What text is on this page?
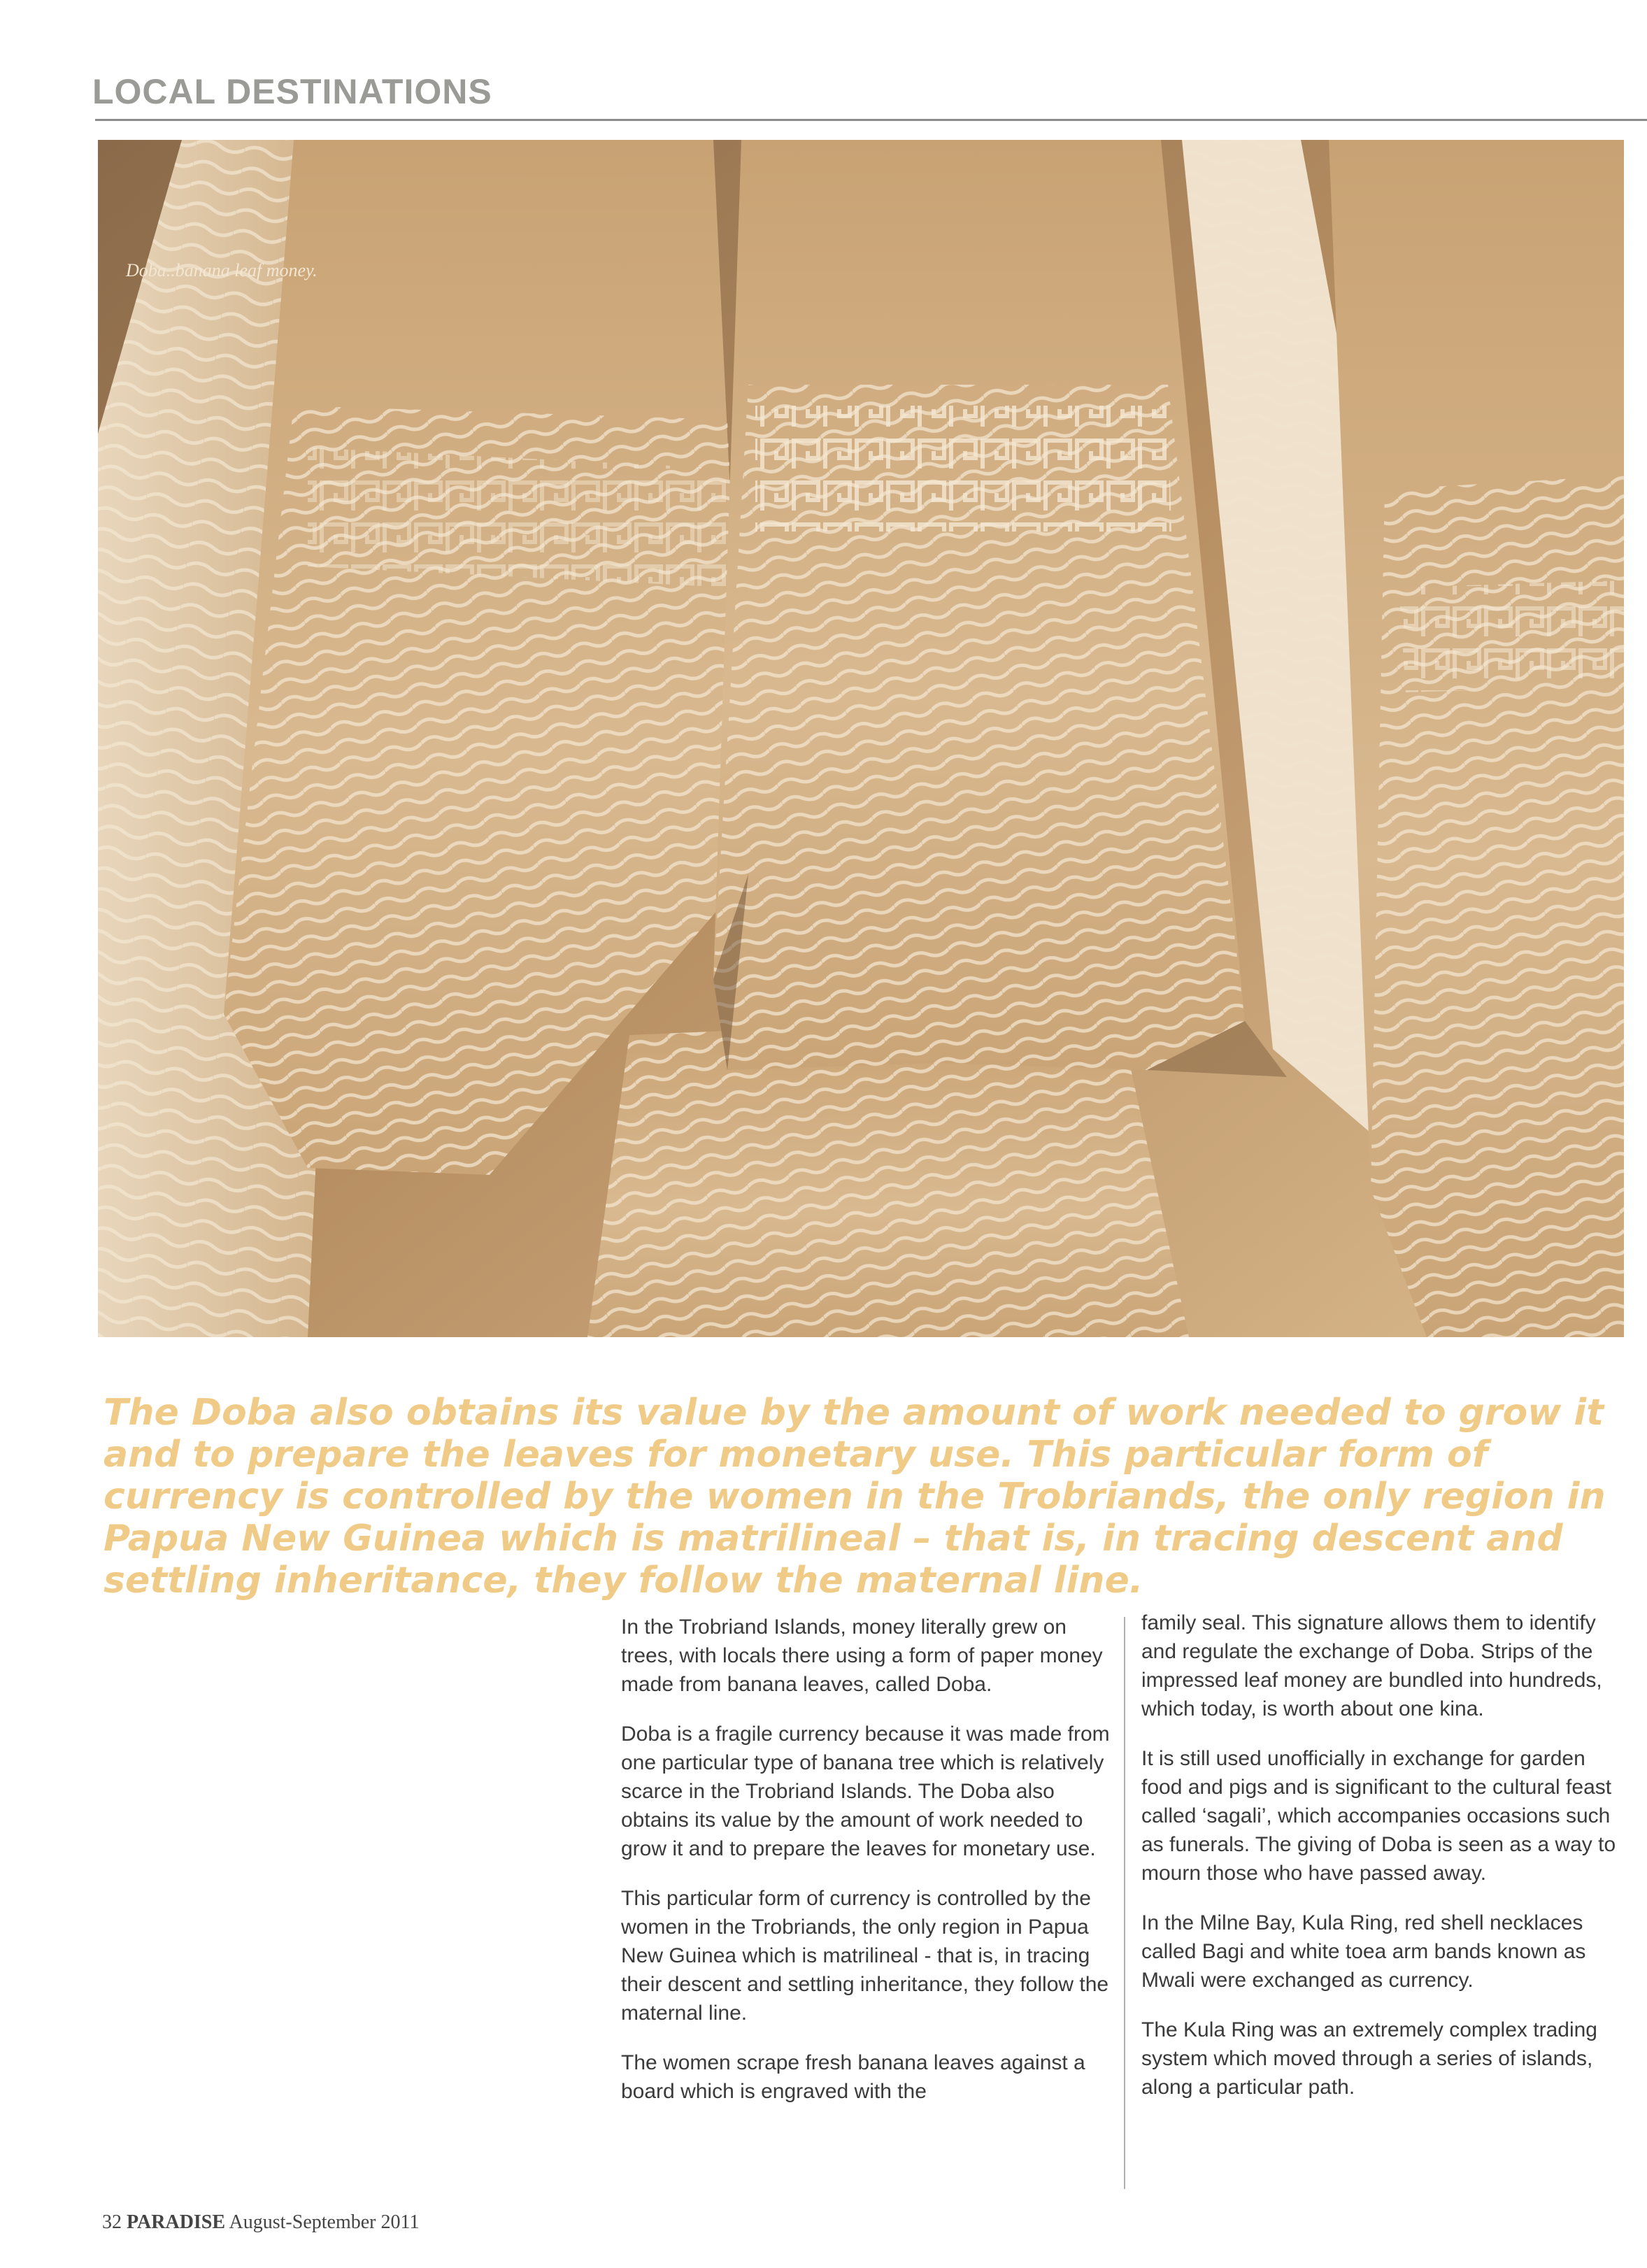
LOCAL DESTINATIONS
Doba..banana leaf money.

The Doba also obtains its value by the amount of work needed to grow it and to prepare the leaves for monetary use. This particular form of currency is controlled by the women in the Trobriands, the only region in Papua New Guinea which is matrilineal – that is, in tracing descent and settling inheritance, they follow the maternal line.

In the Trobriand Islands, money literally grew on trees, with locals there using a form of paper money made from banana leaves, called Doba.

Doba is a fragile currency because it was made from one particular type of banana tree which is relatively scarce in the Trobriand Islands. The Doba also obtains its value by the amount of work needed to grow it and to prepare the leaves for monetary use.

This particular form of currency is controlled by the women in the Trobriands, the only region in Papua New Guinea which is matrilineal - that is, in tracing their descent and settling inheritance, they follow the maternal line.

The women scrape fresh banana leaves against a board which is engraved with the

family seal. This signature allows them to identify and regulate the exchange of Doba. Strips of the impressed leaf money are bundled into hundreds, which today, is worth about one kina.

It is still used unofficially in exchange for garden food and pigs and is significant to the cultural feast called ‘sagali’, which accompanies occasions such as funerals. The giving of Doba is seen as a way to mourn those who have passed away.

In the Milne Bay, Kula Ring, red shell necklaces called Bagi and white toea arm bands known as Mwali were exchanged as currency.

The Kula Ring was an extremely complex trading system which moved through a series of islands, along a particular path.

32 PARADISE August-September 2011
